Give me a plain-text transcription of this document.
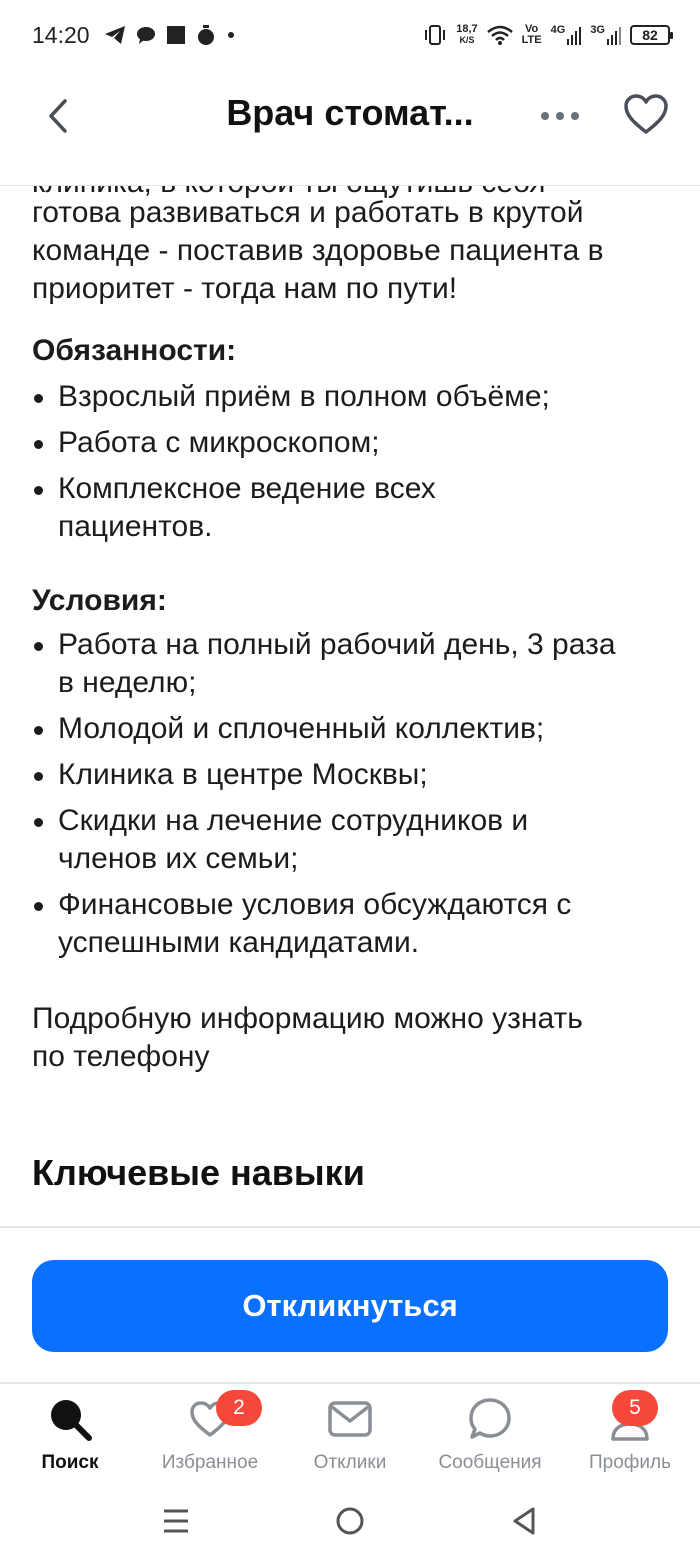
14:20	18,7
K/S
Vo
LTE
4G 3G	82
Врач стомат...
готова развиваться и работать в крутой команде - поставив здоровье пациента в приоритет - тогда нам по пути!
Обязанности:
Взрослый приём в полном объёме;
Работа с микроскопом;
Комплексное ведение всех пациентов.
Условия:
Работа на полный рабочий день, 3 раза в неделю;
Молодой и сплоченный коллектив;
Клиника в центре Москвы;
Скидки на лечение сотрудников и членов их семьи;
Финансовые условия обсуждаются с успешными кандидатами.
Подробную информацию можно узнать по телефону
Ключевые навыки
Откликнуться
Поиск
2
Избранное	Отклики	Сообщения
5
Профиль
